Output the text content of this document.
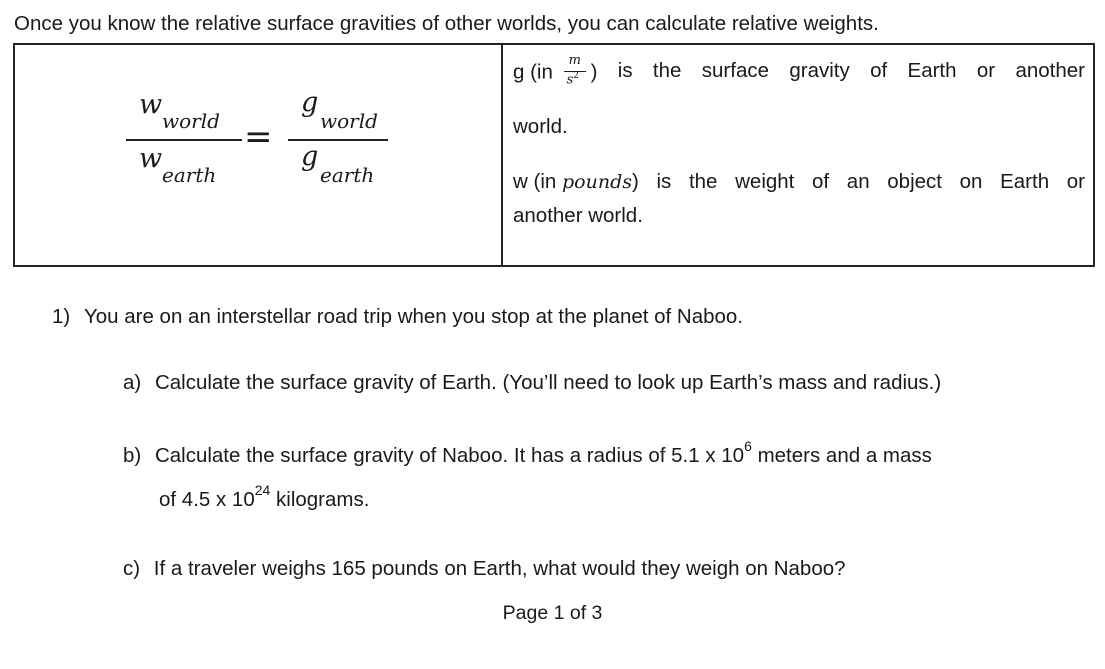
Once you know the relative surface gravities of other worlds, you can calculate relative weights.
w
world
w
earth
=
g
world
g
earth
g ($in \frac{m}{s^2}$ ) is the surface gravity of Earth or another
world.
w (in pounds) is the weight of an object on Earth or
another world.
1) You are on an interstellar road trip when you stop at the planet of Naboo.
a) Calculate the surface gravity of Earth. (You’ll need to look up Earth’s mass and radius.)
b) Calculate the surface gravity of Naboo. It has a radius of 5.1 x $10^6$ meters and a mass
of 4.5 x $10^{24}$ kilograms.
c) If a traveler weighs 165 pounds on Earth, what would they weigh on Naboo?
Page 1 of 3
